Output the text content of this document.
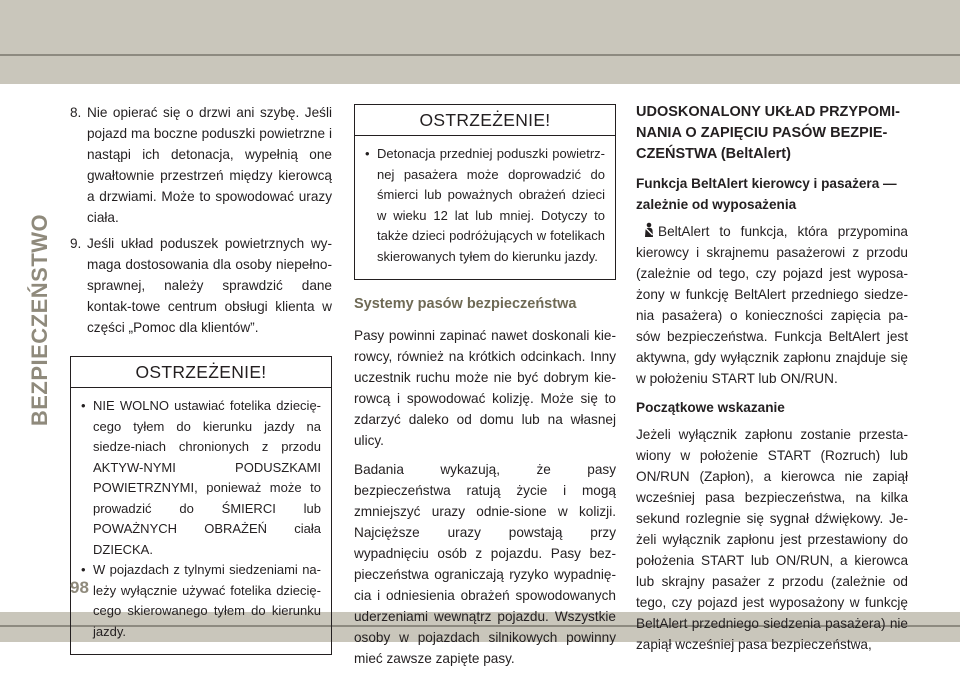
BEZPIECZEŃSTWO
8. Nie opierać się o drzwi ani szybę. Jeśli pojazd ma boczne poduszki powietrzne i nastąpi ich detonacja, wypełnią one gwałtownie przestrzeń między kierowcą a drzwiami. Może to spowodować urazy ciała.
9. Jeśli układ poduszek powietrznych wy-maga dostosowania dla osoby niepełno-sprawnej, należy sprawdzić dane kontak-towe centrum obsługi klienta w części „Pomoc dla klientów”.
OSTRZEŻENIE!
• NIE WOLNO ustawiać fotelika dziecię-cego tyłem do kierunku jazdy na siedze-niach chronionych z przodu AKTYW-NYMI PODUSZKAMI POWIETRZNYMI, ponieważ może to prowadzić do ŚMIERCI lub POWAŻNYCH OBRAŻEŃ ciała DZIECKA.
• W pojazdach z tylnymi siedzeniami na-leży wyłącznie używać fotelika dziecię-cego skierowanego tyłem do kierunku jazdy.
OSTRZEŻENIE!
• Detonacja przedniej poduszki powietrz-nej pasażera może doprowadzić do śmierci lub poważnych obrażeń dzieci w wieku 12 lat lub mniej. Dotyczy to także dzieci podróżujących w fotelikach skierowanych tyłem do kierunku jazdy.
Systemy pasów bezpieczeństwa

Pasy powinni zapinać nawet doskonali kie-rowcy, również na krótkich odcinkach. Inny uczestnik ruchu może nie być dobrym kie-rowcą i spowodować kolizję. Może się to zdarzyć daleko od domu lub na własnej ulicy.

Badania wykazują, że pasy bezpieczeństwa ratują życie i mogą zmniejszyć urazy odnie-sione w kolizji. Najcięższe urazy powstają przy wypadnięciu osób z pojazdu. Pasy bez-pieczeństwa ograniczają ryzyko wypadnię-cia i odniesienia obrażeń spowodowanych uderzeniami wewnątrz pojazdu. Wszystkie osoby w pojazdach silnikowych powinny mieć zawsze zapięte pasy.

UDOSKONALONY UKŁAD PRZYPOMI-NANIA O ZAPIĘCIU PASÓW BEZPIE-CZEŃSTWA (BeltAlert)
Funkcja BeltAlert kierowcy i pasażera — zależnie od wyposażenia

BeltAlert to funkcja, która przypomina kierowcy i skrajnemu pasażerowi z przodu (zależnie od tego, czy pojazd jest wyposa-żony w funkcję BeltAlert przedniego siedze-nia pasażera) o konieczności zapięcia pa-sów bezpieczeństwa. Funkcja BeltAlert jest aktywna, gdy wyłącznik zapłonu znajduje się w położeniu START lub ON/RUN.

Początkowe wskazanie

Jeżeli wyłącznik zapłonu zostanie przesta-wiony w położenie START (Rozruch) lub ON/RUN (Zapłon), a kierowca nie zapiął wcześniej pasa bezpieczeństwa, na kilka sekund rozlegnie się sygnał dźwiękowy. Je-żeli wyłącznik zapłonu jest przestawiony do położenia START lub ON/RUN, a kierowca lub skrajny pasażer z przodu (zależnie od tego, czy pojazd jest wyposażony w funkcję BeltAlert przedniego siedzenia pasażera) nie zapiął wcześniej pasa bezpieczeństwa,

98
